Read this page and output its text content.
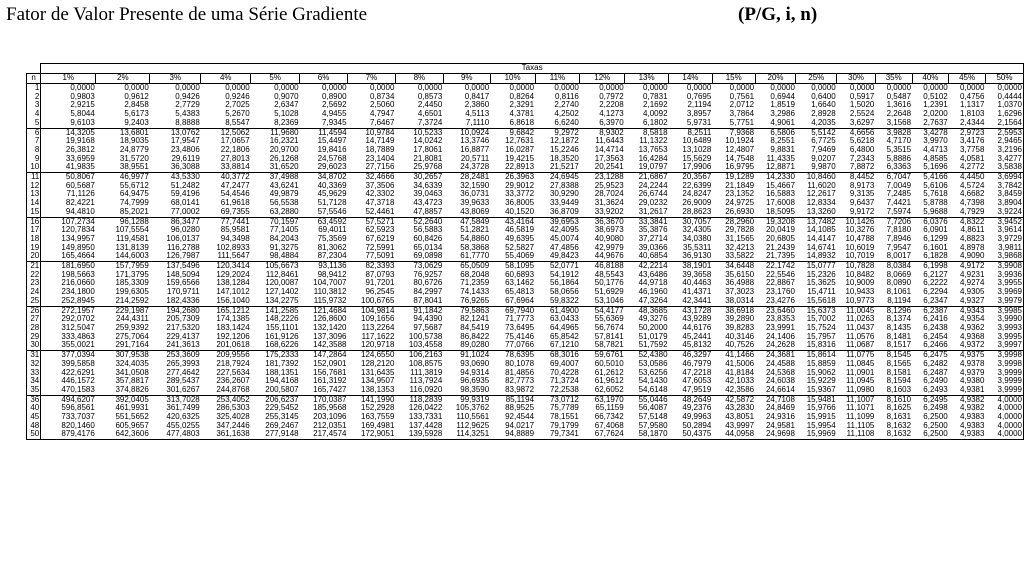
Fator de Valor Presente de uma Série Gradiente	(P/G, i, n)
	Taxas																					
n	1%	2%	3%	4%	5%	6%	7%	8%	9%	10%	11%	12%	13%	14%	15%	20%	25%	30%	35%	40%	45%	50%
1	0,0000	0,0000	0,0000	0,0000	0,0000	0,0000	0,0000	0,0000	0,0000	0,0000	0,0000	0,0000	0,0000	0,0000	0,0000	0,0000	0,0000	0,0000	0,0000	0,0000	0,0000	0,0000
2	0,9803	0,9612	0,9426	0,9246	0,9070	0,8900	0,8734	0,8573	0,8417	0,8264	0,8116	0,7972	0,7831	0,7695	0,7561	0,6944	0,6400	0,5917	0,5487	0,5102	0,4756	0,4444
3	2,9215	2,8458	2,7729	2,7025	2,6347	2,5692	2,5060	2,4450	2,3860	2,3291	2,2740	2,2208	2,1692	2,1194	2,0712	1,8519	1,6640	1,5020	1,3616	1,2391	1,1317	1,0370
4	5,8044	5,6173	5,4383	5,2670	5,1028	4,9455	4,7947	4,6501	4,5113	4,3781	4,2502	4,1273	4,0092	3,8957	3,7864	3,2986	2,8928	2,5524	2,2648	2,0200	1,8103	1,6296
5	9,6103	9,2403	8,8888	8,5547	8,2369	7,9345	7,6467	7,3724	7,1110	6,8618	6,6240	6,3970	6,1802	5,9731	5,7751	4,9061	4,2035	3,6297	3,1568	2,7637	2,4344	2,1564
6	14,3205	13,6801	13,0762	12,5062	11,9680	11,4594	10,9784	10,5233	10,0924	9,6842	9,2972	8,9302	8,5818	8,2511	7,9368	6,5806	5,5142	4,6656	3,9828	3,4278	2,9723	2,5953
7	19,9168	18,9035	17,9547	17,0657	16,2321	15,4497	14,7149	14,0242	13,3746	12,7631	12,1872	11,6443	11,1322	10,6489	10,1924	8,2551	6,7725	5,6218	4,7170	3,9970	3,4176	2,9465
8	26,3812	24,8779	23,4806	22,1806	20,9700	19,8416	18,7889	17,8061	16,8877	16,0287	15,2246	14,4714	13,7653	13,1028	12,4807	9,8831	7,9469	6,4800	5,3515	4,4713	3,7758	3,2196
9	33,6959	31,5720	29,6119	27,8013	26,1268	24,5768	23,1404	21,8081	20,5711	19,4215	18,3520	17,3563	16,4284	15,5629	14,7548	11,4335	9,0207	7,2343	5,8886	4,8585	4,0581	3,4277
10	41,9835	38,9551	36,3088	33,8814	31,6520	29,6023	27,7156	25,9768	24,3728	22,8913	21,5217	20,2541	19,0797	17,9906	16,9795	12,8871	9,9870	7,8872	6,3363	5,1696	4,2772	3,5838
11	50,8067	46,9977	43,5330	40,3772	37,4988	34,8702	32,4666	30,2657	28,2481	26,3963	24,6945	23,1288	21,6867	20,3567	19,1289	14,2330	10,8460	8,4452	6,7047	5,4166	4,4450	3,6994
12	60,5687	55,6712	51,2482	47,2477	43,6241	40,3369	37,3506	34,6339	32,1590	29,9012	27,8388	25,9523	24,2244	22,6399	21,1849	15,4667	11,6020	8,9173	7,0049	5,6106	4,5724	3,7842
13	71,1126	64,9475	59,4196	54,4546	49,9879	45,9629	42,3302	39,0463	36,0731	33,3772	30,9290	28,7024	26,6744	24,8247	23,1352	16,5883	12,2617	9,3135	7,2485	5,7618	4,6682	3,8459
14	82,4221	74,7999	68,0141	61,9618	56,5538	51,7128	47,3718	43,4723	39,9633	36,8005	33,9449	31,3624	29,0232	26,9009	24,9725	17,6008	12,8334	9,6437	7,4421	5,8788	4,7398	3,8904
15	94,4810	85,2021	77,0002	69,7355	63,2880	57,5546	52,4461	47,8857	43,8069	40,1520	36,8709	33,9202	31,2617	28,8623	26,6930	18,5095	13,3260	9,9172	7,5974	5,9688	4,7929	3,9224
16	107,2734	96,1288	86,3477	77,7441	70,1597	63,4592	57,5271	52,2640	47,5849	43,4164	39,6953	36,3670	33,3841	30,7057	28,2960	19,3208	13,7482	10,1426	7,7206	6,0376	4,8322	3,9452
17	120,7834	107,5554	96,0280	85,9581	77,1405	69,4011	62,5923	56,5883	51,2821	46,5819	42,4095	38,6973	35,3876	32,4305	29,7828	20,0419	14,1085	10,3276	7,8180	6,0901	4,8611	3,9614
18	134,9957	119,4581	106,0137	94,3498	84,2043	75,3569	67,6219	60,8426	54,8860	49,6395	45,0074	40,9080	37,2714	34,0380	31,1565	20,6805	14,4147	10,4788	7,8946	6,1299	4,8823	3,9729
19	149,8950	131,8139	116,2788	102,8933	91,3275	81,3062	72,5991	65,0134	58,3868	52,5827	47,4856	42,9979	39,0366	35,5311	32,4213	21,2439	14,6741	10,6019	7,9547	6,1601	4,8978	3,9811
20	165,4664	144,6003	126,7987	111,5647	98,4884	87,2304	77,5091	69,0898	61,7770	55,4069	49,8423	44,9676	40,6854	36,9130	33,5822	21,7395	14,8932	10,7019	8,0017	6,1828	4,9090	3,9868
21	181,6950	157,7959	137,5496	120,3414	105,6673	93,1136	82,3393	73,0629	65,0509	58,1095	52,0771	46,8188	42,2214	38,1901	34,6448	22,1742	15,0777	10,7828	8,0384	6,1998	4,9172	3,9908
22	198,5663	171,3795	148,5094	129,2024	112,8461	98,9412	87,0793	76,9257	68,2048	60,6893	54,1912	48,5543	43,6486	39,3658	35,6150	22,5546	15,2326	10,8482	8,0669	6,2127	4,9231	3,9936
23	216,0660	185,3309	159,6566	138,1284	120,0087	104,7007	91,7201	80,6726	71,2359	63,1462	56,1864	50,1776	44,9718	40,4463	36,4988	22,8867	15,3625	10,9009	8,0890	6,2222	4,9274	3,9955
24	234,1800	199,6305	170,9711	147,1012	127,1402	110,3812	96,2545	84,2997	74,1433	65,4813	58,0656	51,6929	46,1960	41,4371	37,3023	23,1760	15,4711	10,9433	8,1061	6,2294	4,9305	3,9969
25	252,8945	214,2592	182,4336	156,1040	134,2275	115,9732	100,6765	87,8041	76,9265	67,6964	59,8322	53,1046	47,3264	42,3441	38,0314	23,4276	15,5618	10,9773	8,1194	6,2347	4,9327	3,9979
26	272,1957	229,1987	194,2680	165,1212	141,2585	121,4684	104,9814	91,1842	79,5863	69,7940	61,4900	54,4177	48,3685	43,1728	38,6918	23,6460	15,6373	11,0045	8,1296	6,2387	4,9343	3,9985
27	292,0702	244,4311	205,7309	174,1385	148,2226	126,8600	109,1656	94,4390	82,1241	71,7773	63,0433	55,6369	49,3276	43,9289	39,2890	23,8353	15,7002	11,0263	8,1374	6,2416	4,9354	3,9990
28	312,5047	259,9392	217,5320	183,1424	155,1101	132,1420	113,2264	97,5687	84,5419	73,6495	64,4965	56,7674	50,2000	44,6176	39,8283	23,9991	15,7524	11,0437	8,1435	6,2438	4,9362	3,9993
29	333,4863	275,7064	229,4137	192,1206	161,9126	137,3096	117,1622	100,5738	86,8422	75,4146	65,8542	57,8141	51,0179	45,2441	40,3146	24,1406	15,7957	11,0576	8,1481	6,2454	4,9368	3,9995
30	355,0021	291,7164	241,3613	201,0618	168,6226	142,3588	120,9718	103,4558	89,0280	77,0766	67,1210	58,7821	51,7592	45,8132	40,7526	24,2628	15,8316	11,0687	8,1517	6,2466	4,9372	3,9997
31	377,0394	307,9538	253,3609	209,9556	175,2333	147,2864	124,6550	106,2163	91,1024	78,6395	68,3016	59,6761	52,4380	46,3297	41,1466	24,3681	15,8614	11,0775	8,1545	6,2475	4,9375	3,9998
32	399,5858	324,4035	265,3993	218,7924	181,7392	152,0901	128,2120	108,8575	93,0690	80,1078	69,4007	60,5010	53,0586	46,7979	41,5006	24,4588	15,8859	11,0845	8,1565	6,2482	4,9378	3,9998
33	422,6291	341,0508	277,4642	227,5634	188,1351	156,7681	131,6435	111,3819	94,9314	81,4856	70,4228	61,2612	53,6256	47,2218	41,8184	24,5368	15,9062	11,0901	8,1581	6,2487	4,9379	3,9999
34	446,1572	357,8817	289,5437	236,2607	194,4168	161,3192	134,9507	113,7924	96,6935	82,7773	71,3724	61,9612	54,1430	47,6053	42,1033	24,6038	15,9229	11,0945	8,1594	6,2490	4,9380	3,9999
35	470,1583	374,8826	301,6267	244,8768	200,5807	165,7427	138,1353	116,0920	98,3590	83,9872	72,2538	62,6052	54,6148	47,9519	42,3586	24,6614	15,9367	11,0980	8,1603	6,2493	4,9381	3,9999
36	494,6207	392,0405	313,7028	253,4052	206,6237	170,0387	141,1990	118,2839	99,9319	85,1194	73,0712	63,1970	55,0446	48,2649	42,5872	24,7108	15,9481	11,1007	8,1610	6,2495	4,9382	4,0000
40	596,8561	461,9931	361,7499	286,5303	229,5452	185,9568	152,2928	126,0422	105,3762	88,9525	75,7789	65,1159	56,4087	49,2376	43,2830	24,8469	15,9766	11,1071	8,1625	6,2498	4,9382	4,0000
45	733,7037	551,5652	420,6325	325,4028	255,3145	203,1096	163,7559	133,7331	110,5561	92,4544	78,1551	66,7342	57,5148	49,9963	43,8051	24,9316	15,9915	11,1099	8,1631	6,2500	4,9383	4,0000
48	820,1460	605,9657	455,0255	347,2446	269,2467	212,0351	169,4981	137,4428	112,9625	94,0217	79,1799	67,4068	57,9580	50,2894	43,9997	24,9581	15,9954	11,1105	8,1632	6,2500	4,9383	4,0000
50	879,4176	642,3606	477,4803	361,1638	277,9148	217,4574	172,9051	139,5928	114,3251	94,8889	79,7341	67,7624	58,1870	50,4375	44,0958	24,9698	15,9969	11,1108	8,1632	6,2500	4,9383	4,0000
